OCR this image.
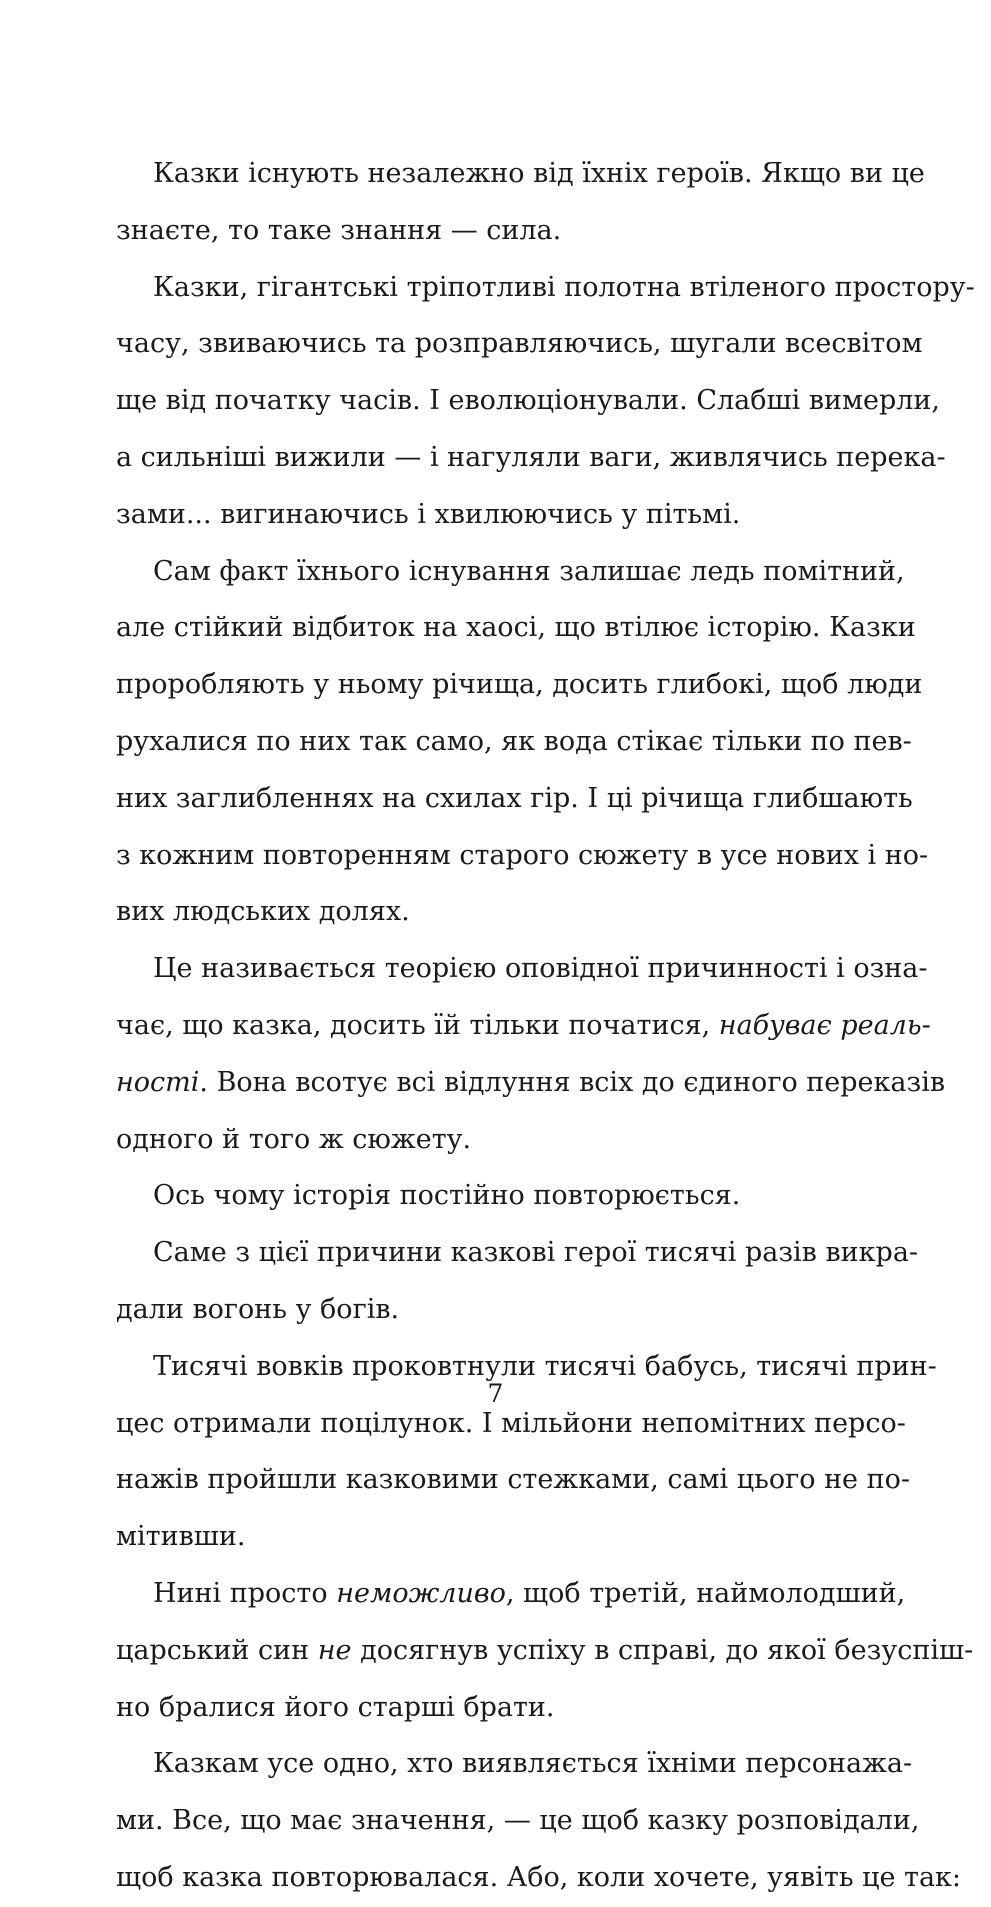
Казки існують незалежно від їхніх героїв. Якщо ви це
знаєте, то таке знання — сила.
Казки, гігантські тріпотливі полотна втіленого простору-
часу, звиваючись та розправляючись, шугали всесвітом
ще від початку часів. І еволюціонували. Слабші вимерли,
а сильніші вижили — і нагуляли ваги, живлячись перека-
зами... вигинаючись і хвилюючись у пітьмі.
Сам факт їхнього існування залишає ледь помітний,
але стійкий відбиток на хаосі, що втілює історію. Казки
проробляють у ньому річища, досить глибокі, щоб люди
рухалися по них так само, як вода стікає тільки по пев-
них заглибленнях на схилах гір. І ці річища глибшають
з кожним повторенням старого сюжету в усе нових і но-
вих людських долях.
Це називається теорією оповідної причинності і озна-
чає, що казка, досить їй тільки початися, набуває реаль-
ності. Вона всотує всі відлуння всіх до єдиного переказів
одного й того ж сюжету.
Ось чому історія постійно повторюється.
Саме з цієї причини казкові герої тисячі разів викра-
дали вогонь у богів.
Тисячі вовків проковтнули тисячі бабусь, тисячі прин-
цес отримали поцілунок. І мільйони непомітних персо-
нажів пройшли казковими стежками, самі цього не по-
мітивши.
Нині просто неможливо, щоб третій, наймолодший,
царський син не досягнув успіху в справі, до якої безуспіш-
но бралися його старші брати.
Казкам усе одно, хто виявляється їхніми персонажа-
ми. Все, що має значення, — це щоб казку розповідали,
щоб казка повторювалася. Або, коли хочете, уявіть це так:
7
